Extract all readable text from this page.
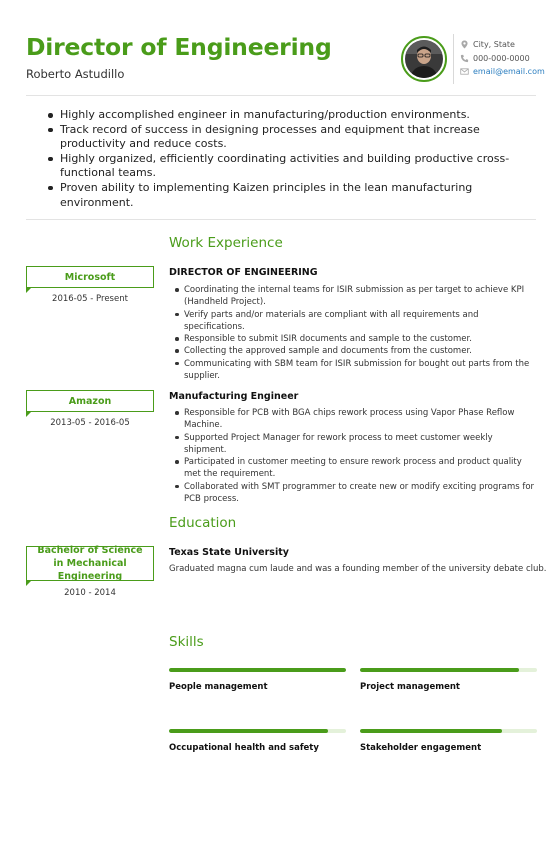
Director of Engineering
Roberto Astudillo
City, State
000-000-0000
email@email.com
Highly accomplished engineer in manufacturing/production environments.
Track record of success in designing processes and equipment that increase productivity and reduce costs.
Highly organized, efficiently coordinating activities and building productive cross-functional teams.
Proven ability to implementing Kaizen principles in the lean manufacturing environment.
Work Experience
Microsoft
2016-05 - Present
DIRECTOR OF ENGINEERING
Coordinating the internal teams for ISIR submission as per target to achieve KPI (Handheld Project).
Verify parts and/or materials are compliant with all requirements and specifications.
Responsible to submit ISIR documents and sample to the customer.
Collecting the approved sample and documents from the customer.
Communicating with SBM team for ISIR submission for bought out parts from the supplier.
Amazon
2013-05 - 2016-05
Manufacturing Engineer
Responsible for PCB with BGA chips rework process using Vapor Phase Reflow Machine.
Supported Project Manager for rework process to meet customer weekly shipment.
Participated in customer meeting to ensure rework process and product quality met the requirement.
Collaborated with SMT programmer to create new or modify exciting programs for PCB process.
Education
Bachelor of Science in Mechanical Engineering
2010 - 2014
Texas State University
Graduated magna cum laude and was a founding member of the university debate club.
Skills
People management	Project management
Occupational health and safety	Stakeholder engagement
